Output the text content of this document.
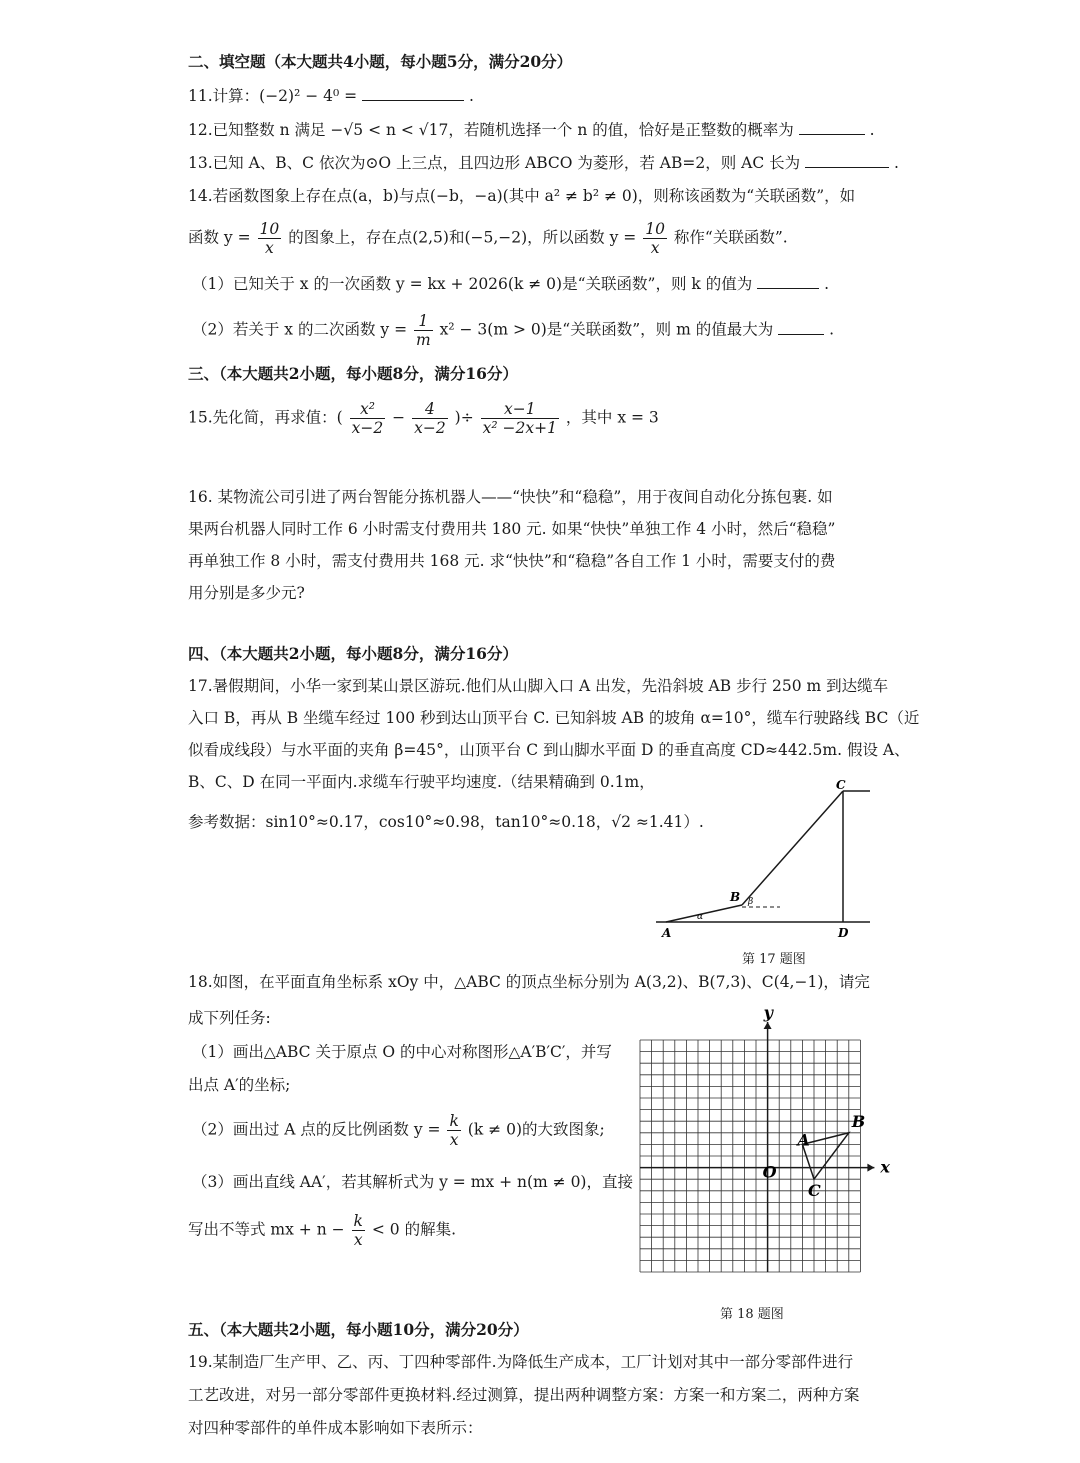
二、填空题（本大题共4小题，每小题5分，满分20分）
11.计算：(−2)² − 4⁰ =	.
12.已知整数 n 满足 −√5 < n < √17，若随机选择一个 n 的值，恰好是正整数的概率为	.
13.已知 A、B、C 依次为⊙O 上三点，且四边形 ABCO 为菱形，若 AB=2，则 AC 长为	.
14.若函数图象上存在点(a，b)与点(−b，−a)(其中 a² ≠ b² ≠ 0)，则称该函数为“关联函数”，如
函数 $y = \frac{10}{x}$ 的图象上，存在点(2,5)和(−5,−2)，所以函数 $y = \frac{10}{x}$ 称作“关联函数”.
（1）已知关于 x 的一次函数 y = kx + 2026(k ≠ 0)是“关联函数”，则 k 的值为	.
（2）若关于 x 的二次函数 $y = \frac{1}{m} x^2 - 3(m > 0)$是“关联函数”，则 m 的值最大为	.
三、（本大题共2小题，每小题8分，满分16分）
15.先化简，再求值：( $\frac{\text{x²}}{x-2} - \frac{4}{x-2}$ )÷ $\frac{x-1}{\text{x² −2x+1}}$ ，其中 x = 3
16. 某物流公司引进了两台智能分拣机器人——“快快”和“稳稳”，用于夜间自动化分拣包裹. 如
果两台机器人同时工作 6 小时需支付费用共 180 元. 如果“快快”单独工作 4 小时，然后“稳稳”
再单独工作 8 小时，需支付费用共 168 元. 求“快快”和“稳稳”各自工作 1 小时，需要支付的费
用分别是多少元?
四、（本大题共2小题，每小题8分，满分16分）
17.暑假期间，小华一家到某山景区游玩.他们从山脚入口 A 出发，先沿斜坡 AB 步行 250 m 到达缆车
入口 B，再从 B 坐缆车经过 100 秒到达山顶平台 C. 已知斜坡 AB 的坡角 α=10°，缆车行驶路线 BC（近
似看成线段）与水平面的夹角 β=45°，山顶平台 C 到山脚水平面 D 的垂直高度 CD≈442.5m. 假设 A、
B、C、D 在同一平面内.求缆车行驶平均速度.（结果精确到 0.1m，
参考数据：sin10°≈0.17，cos10°≈0.98，tan10°≈0.18，√2 ≈1.41）.
α
β
A
B
C
D
第 17 题图
18.如图，在平面直角坐标系 xOy 中，△ABC 的顶点坐标分别为 A(3,2)、B(7,3)、C(4,−1)，请完
成下列任务:
（1）画出△ABC 关于原点 O 的中心对称图形△A′B′C′，并写
出点 A′的坐标;
（2）画出过 A 点的反比例函数 $y = \frac{k}{x} (k \ne 0)$的大致图象;
（3）画出直线 AA′，若其解析式为 y = mx + n(m ≠ 0)，直接
写出不等式 mx + $n - \frac{k}{x} < 0$ 的解集.
y
x
O
A
B
C
第 18 题图
五、（本大题共2小题，每小题10分，满分20分）
19.某制造厂生产甲、乙、丙、丁四种零部件.为降低生产成本，工厂计划对其中一部分零部件进行
工艺改进，对另一部分零部件更换材料.经过测算，提出两种调整方案：方案一和方案二，两种方案
对四种零部件的单件成本影响如下表所示：
